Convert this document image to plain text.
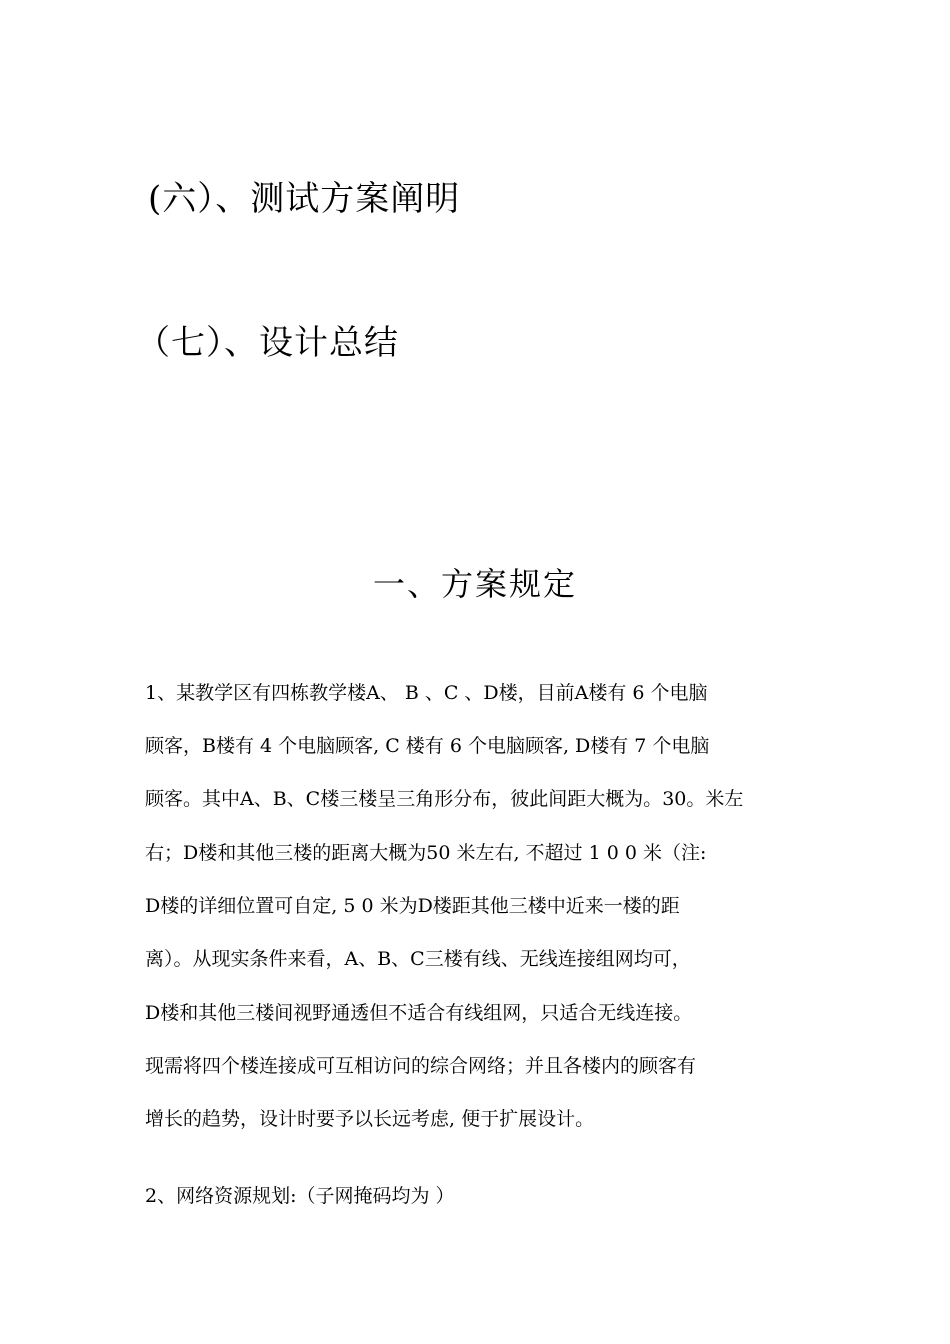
(六）、测试方案阐明
（七）、设计总结
一、方案规定
1、某教学区有四栋教学楼A、 B 、C 、D楼，目前A楼有 6 个电脑
顾客，B楼有 4 个电脑顾客, C 楼有 6 个电脑顾客, D楼有 7 个电脑
顾客。其中A、B、C楼三楼呈三角形分布，彼此间距大概为。30。米左
右；D楼和其他三楼的距离大概为50 米左右, 不超过 1 0 0 米（注:
D楼的详细位置可自定, 5 0 米为D楼距其他三楼中近来一楼的距
离）。从现实条件来看，A、B、C三楼有线、无线连接组网均可，
D楼和其他三楼间视野通透但不适合有线组网，只适合无线连接。
现需将四个楼连接成可互相访问的综合网络；并且各楼内的顾客有
增长的趋势，设计时要予以长远考虑, 便于扩展设计。
2、网络资源规划:（子网掩码均为 ）
